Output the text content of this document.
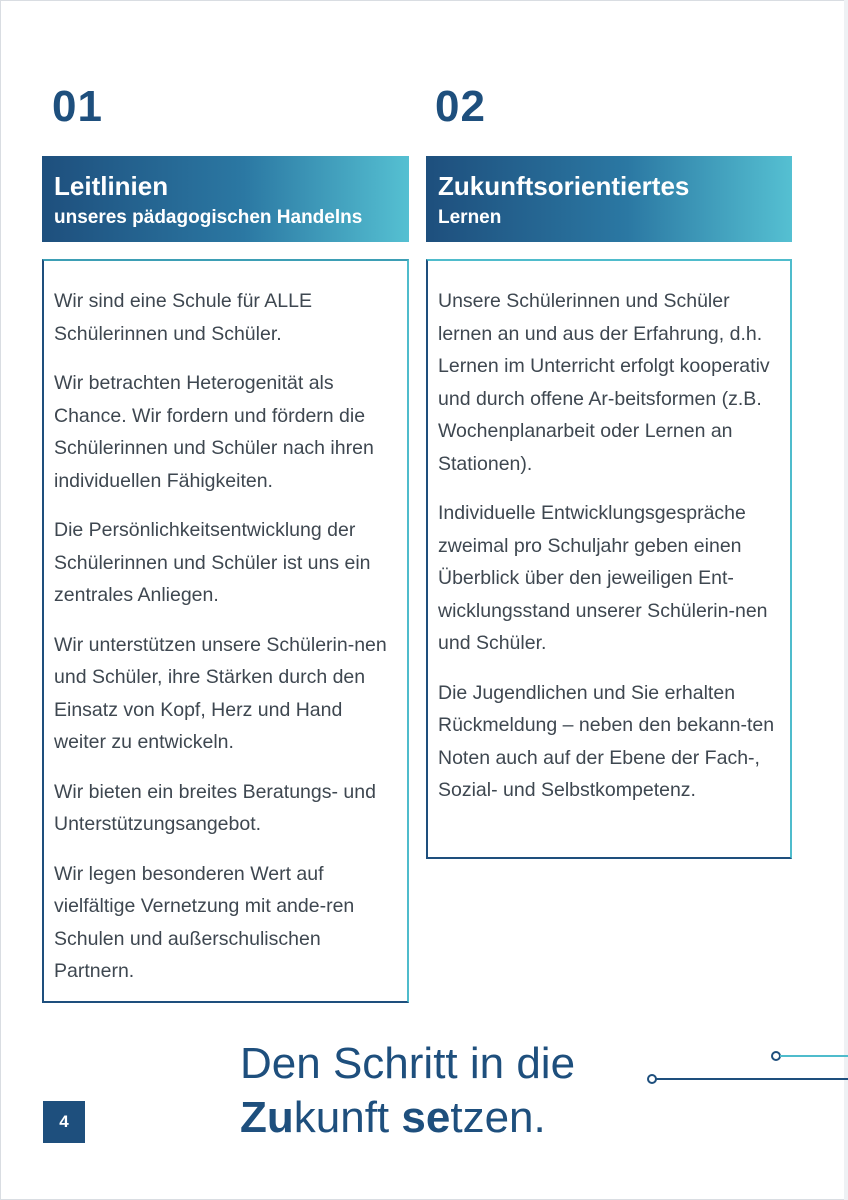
01
Leitlinien
unseres pädagogischen Handelns

Wir sind eine Schule für ALLE Schülerinnen und Schüler.

Wir betrachten Heterogenität als Chance. Wir fordern und fördern die Schülerinnen und Schüler nach ihren individuellen Fähigkeiten.

Die Persönlichkeitsentwicklung der Schülerinnen und Schüler ist uns ein zentrales Anliegen.

Wir unterstützen unsere Schülerin-nen und Schüler, ihre Stärken durch den Einsatz von Kopf, Herz und Hand weiter zu entwickeln.

Wir bieten ein breites Beratungs- und Unterstützungsangebot.

Wir legen besonderen Wert auf vielfältige Vernetzung mit ande-ren Schulen und außerschulischen Partnern.

02
Zukunftsorientiertes
Lernen

Unsere Schülerinnen und Schüler lernen an und aus der Erfahrung, d.h. Lernen im Unterricht erfolgt kooperativ und durch offene Ar-beitsformen (z.B. Wochenplanarbeit oder Lernen an Stationen).

Individuelle Entwicklungsgespräche zweimal pro Schuljahr geben einen Überblick über den jeweiligen Ent-wicklungsstand unserer Schülerin-nen und Schüler.

Die Jugendlichen und Sie erhalten Rückmeldung – neben den bekann-ten Noten auch auf der Ebene der Fach-, Sozial- und Selbstkompetenz.

Den Schritt in die
Zukunft setzen.
4
